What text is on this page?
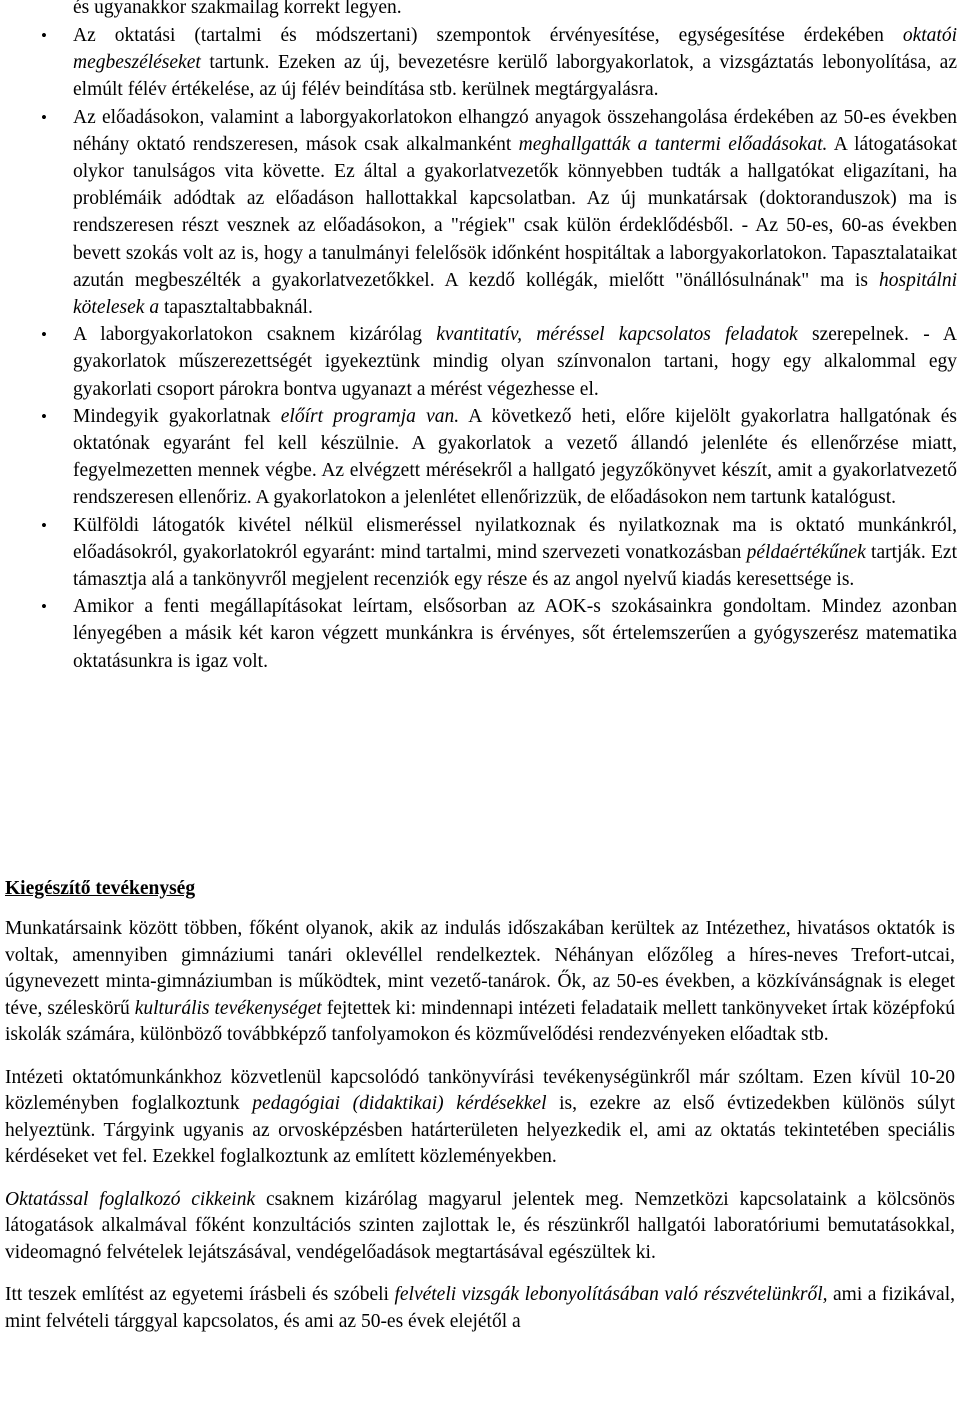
és ugyanakkor szakmailag korrekt legyen.

• Az oktatási (tartalmi és módszertani) szempontok érvényesítése, egységesítése érdekében oktatói megbeszéléseket tartunk. Ezeken az új, bevezetésre kerülő laborgyakorlatok, a vizsgáztatás lebonyolítása, az elmúlt félév értékelése, az új félév beindítása stb. kerülnek megtárgyalásra.
• Az előadásokon, valamint a laborgyakorlatokon elhangzó anyagok összehangolása érdekében az 50-es években néhány oktató rendszeresen, mások csak alkalmanként meghallgatták a tantermi előadásokat. A látogatásokat olykor tanulságos vita követte. Ez által a gyakorlatvezetők könnyebben tudták a hallgatókat eligazítani, ha problémáik adódtak az előadáson hallottakkal kapcsolatban. Az új munkatársak (doktoranduszok) ma is rendszeresen részt vesznek az előadásokon, a "régiek" csak külön érdeklődésből. - Az 50-es, 60-as években bevett szokás volt az is, hogy a tanulmányi felelősök időnként hospitáltak a laborgyakorlatokon. Tapasztalataikat azután megbeszélték a gyakorlatvezetőkkel. A kezdő kollégák, mielőtt "önállósulnának" ma is hospitálni kötelesek a tapasztaltabbaknál.
• A laborgyakorlatokon csaknem kizárólag kvantitatív, méréssel kapcsolatos feladatok szerepelnek. - A gyakorlatok műszerezettségét igyekeztünk mindig olyan színvonalon tartani, hogy egy alkalommal egy gyakorlati csoport párokra bontva ugyanazt a mérést végezhesse el.
• Mindegyik gyakorlatnak előírt programja van. A következő heti, előre kijelölt gyakorlatra hallgatónak és oktatónak egyaránt fel kell készülnie. A gyakorlatok a vezető állandó jelenléte és ellenőrzése miatt, fegyelmezetten mennek végbe. Az elvégzett mérésekről a hallgató jegyzőkönyvet készít, amit a gyakorlatvezető rendszeresen ellenőriz. A gyakorlatokon a jelenlétet ellenőrizzük, de előadásokon nem tartunk katalógust.
• Külföldi látogatók kivétel nélkül elismeréssel nyilatkoznak és nyilatkoznak ma is oktató munkánkról, előadásokról, gyakorlatokról egyaránt: mind tartalmi, mind szervezeti vonatkozásban példaértékűnek tartják. Ezt támasztja alá a tankönyvről megjelent recenziók egy része és az angol nyelvű kiadás keresettsége is.
• Amikor a fenti megállapításokat leírtam, elsősorban az AOK-s szokásainkra gondoltam. Mindez azonban lényegében a másik két karon végzett munkánkra is érvényes, sőt értelemszerűen a gyógyszerész matematika oktatásunkra is igaz volt.
Kiegészítő tevékenység

Munkatársaink között többen, főként olyanok, akik az indulás időszakában kerültek az Intézethez, hivatásos oktatók is voltak, amennyiben gimnáziumi tanári oklevéllel rendelkeztek. Néhányan előzőleg a híres-neves Trefort-utcai, úgynevezett minta-gimnáziumban is működtek, mint vezető-tanárok. Ők, az 50-es években, a közkívánságnak is eleget téve, széleskörű kulturális tevékenységet fejtettek ki: mindennapi intézeti feladataik mellett tankönyveket írtak középfokú iskolák számára, különböző továbbképző tanfolyamokon és közművelődési rendezvényeken előadtak stb.

Intézeti oktatómunkánkhoz közvetlenül kapcsolódó tankönyvírási tevékenységünkről már szóltam. Ezen kívül 10-20 közleményben foglalkoztunk pedagógiai (didaktikai) kérdésekkel is, ezekre az első évtizedekben különös súlyt helyeztünk. Tárgyink ugyanis az orvosképzésben határterületen helyezkedik el, ami az oktatás tekintetében speciális kérdéseket vet fel. Ezekkel foglalkoztunk az említett közleményekben.

Oktatással foglalkozó cikkeink csaknem kizárólag magyarul jelentek meg. Nemzetközi kapcsolataink a kölcsönös látogatások alkalmával főként konzultációs szinten zajlottak le, és részünkről hallgatói laboratóriumi bemutatásokkal, videomagnó felvételek lejátszásával, vendégelőadások megtartásával egészültek ki.

Itt teszek említést az egyetemi írásbeli és szóbeli felvételi vizsgák lebonyolításában való részvételünkről, ami a fizikával, mint felvételi tárggyal kapcsolatos, és ami az 50-es évek elejétől a
